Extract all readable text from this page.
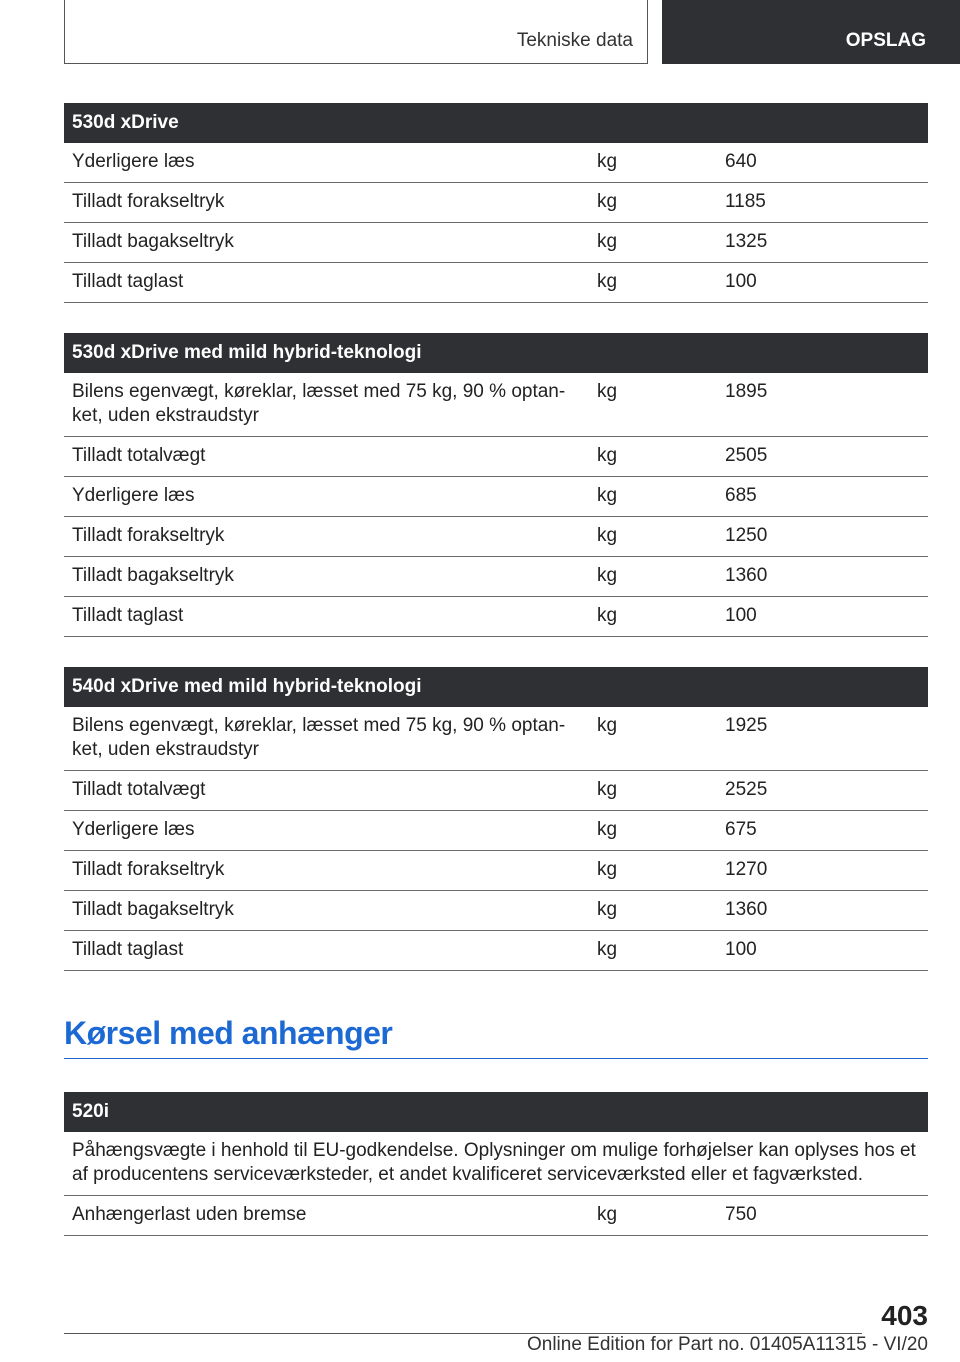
Tekniske data	OPSLAG
530d xDrive		
Yderligere læs	kg	640
Tilladt forakseltryk	kg	1185
Tilladt bagakseltryk	kg	1325
Tilladt taglast	kg	100
530d xDrive med mild hybrid-teknologi		
Bilens egenvægt, køreklar, læsset med 75 kg, 90 % optan-ket, uden ekstraudstyr	kg	1895
Tilladt totalvægt	kg	2505
Yderligere læs	kg	685
Tilladt forakseltryk	kg	1250
Tilladt bagakseltryk	kg	1360
Tilladt taglast	kg	100
540d xDrive med mild hybrid-teknologi		
Bilens egenvægt, køreklar, læsset med 75 kg, 90 % optan-ket, uden ekstraudstyr	kg	1925
Tilladt totalvægt	kg	2525
Yderligere læs	kg	675
Tilladt forakseltryk	kg	1270
Tilladt bagakseltryk	kg	1360
Tilladt taglast	kg	100
Kørsel med anhænger
520i
Påhængsvægte i henhold til EU-godkendelse. Oplysninger om mulige forhøjelser kan oplyses hos et af producentens serviceværksteder, et andet kvalificeret serviceværksted eller et fagværksted.
Anhængerlast uden bremse	kg	750
403
Online Edition for Part no. 01405A11315 - VI/20
